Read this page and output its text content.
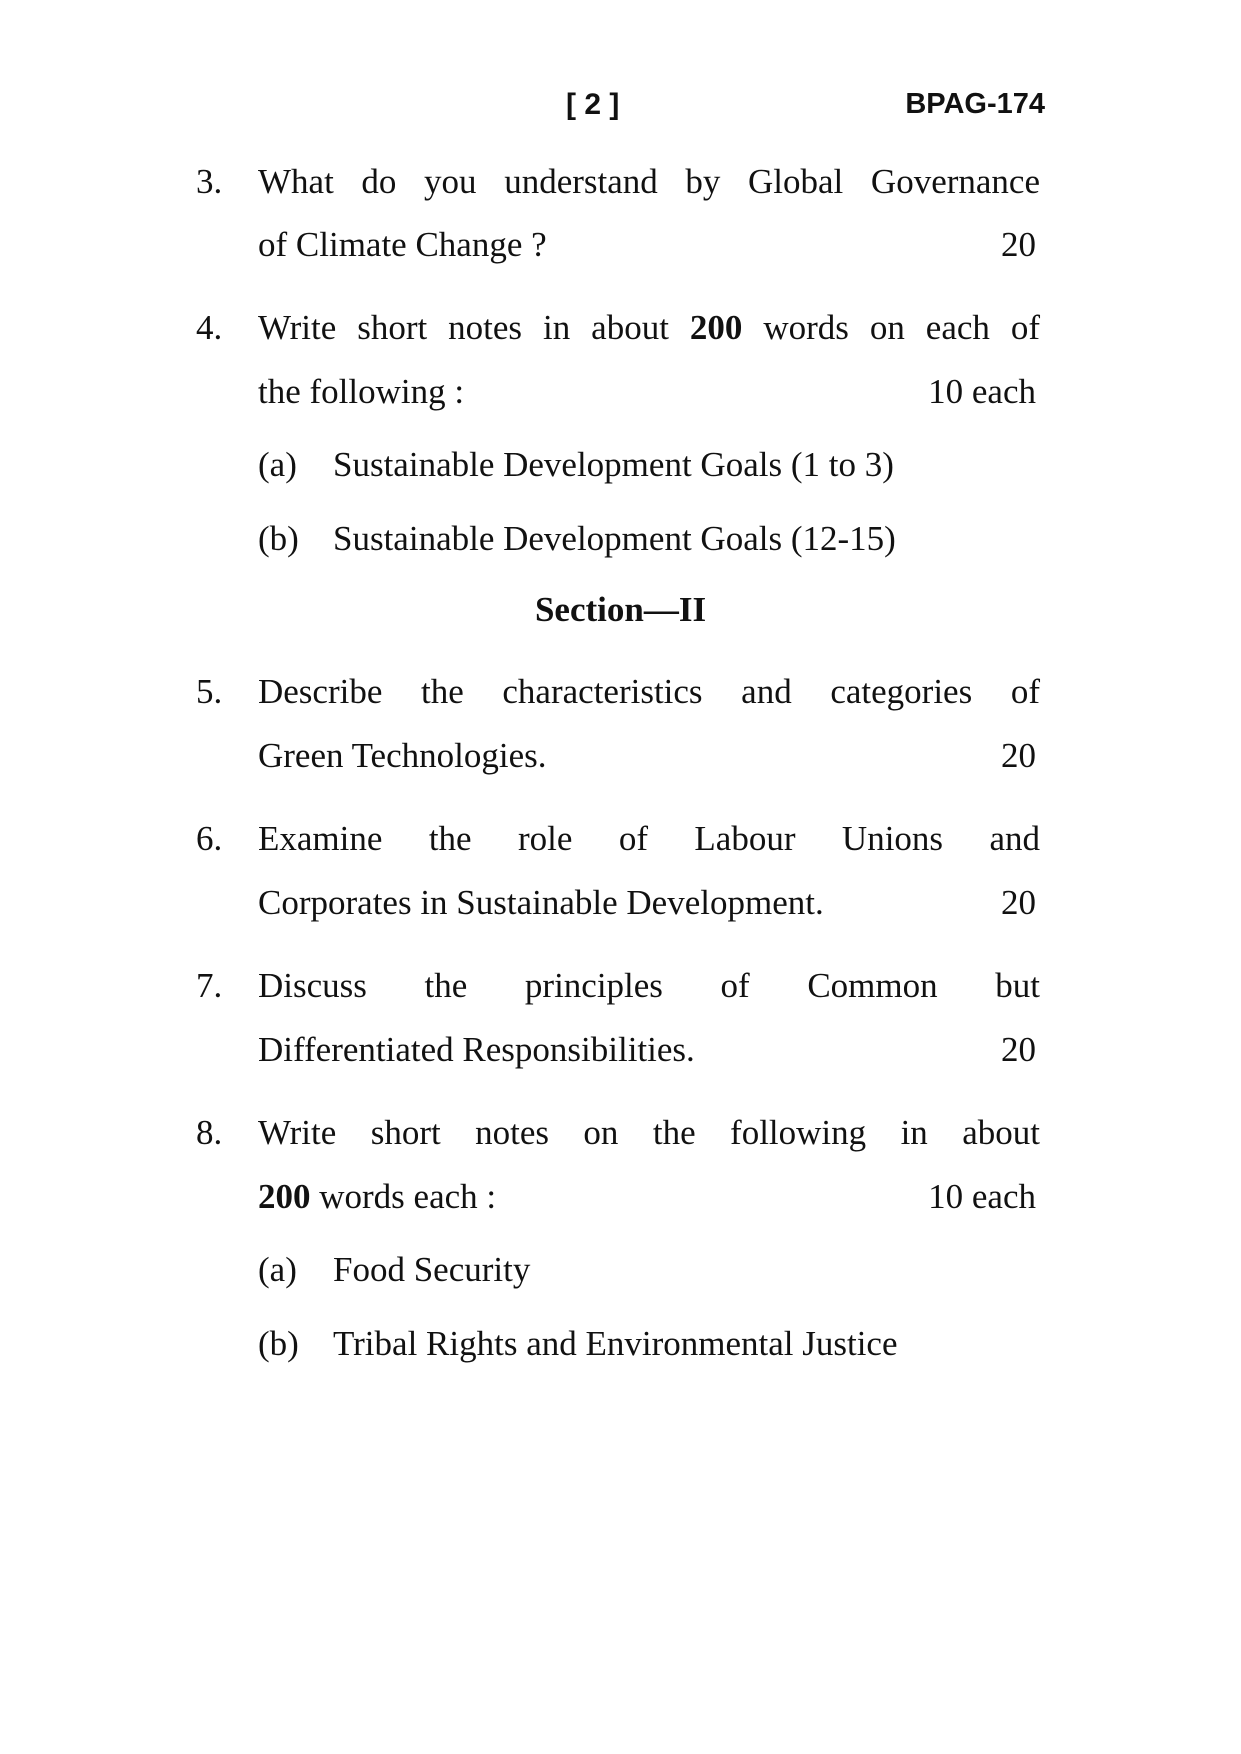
[ 2 ]	BPAG-174
3. What do you understand by Global Governance
of Climate Change ?	20
4. Write short notes in about 200 words on each of
the following :	10 each
(a) Sustainable Development Goals (1 to 3)
(b) Sustainable Development Goals (12-15)
Section—II
5. Describe the characteristics and categories of
Green Technologies.	20
6. Examine the role of Labour Unions and
Corporates in Sustainable Development.	20
7. Discuss the principles of Common but
Differentiated Responsibilities.	20
8. Write short notes on the following in about
200 words each :	10 each
(a) Food Security
(b) Tribal Rights and Environmental Justice
